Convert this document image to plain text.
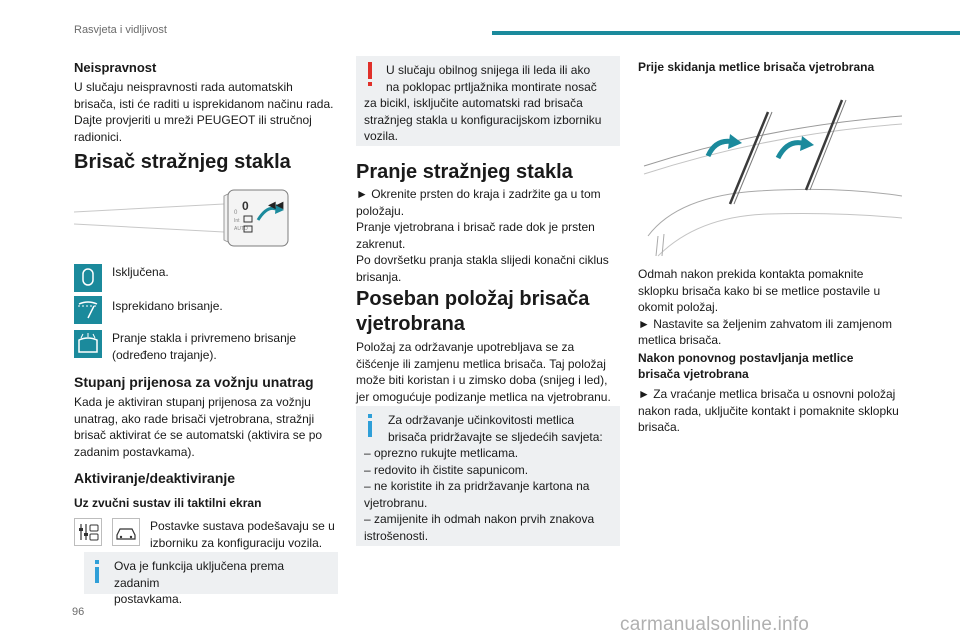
Rasvjeta i vidljivost
96
carmanualsonline.info
Neispravnost
U slučaju neispravnosti rada automatskih
brisača, isti će raditi u isprekidanom načinu rada.
Dajte provjeriti u mreži PEUGEOT ili stručnoj
radionici.
Brisač stražnjeg stakla
0
Int
AUTO
0 ◀◀
Isključena.
Isprekidano brisanje.
Pranje stakla i privremeno brisanje
(određeno trajanje).
Stupanj prijenosa za vožnju unatrag
Kada je aktiviran stupanj prijenosa za vožnju
unatrag, ako rade brisači vjetrobrana, stražnji
brisač aktivirat će se automatski (aktivira se po
zadanim postavkama).
Aktiviranje/deaktiviranje
Uz zvučni sustav ili taktilni ekran
Postavke sustava podešavaju se u
izborniku za konfiguraciju vozila.
Ova je funkcija uključena prema zadanim
postavkama.
U slučaju obilnog snijega ili leda ili ako
na poklopac prtljažnika montirate nosač
za bicikl, isključite automatski rad brisača
stražnjeg stakla u konfiguracijskom izborniku
vozila.
Pranje stražnjeg stakla
► Okrenite prsten do kraja i zadržite ga u tom
položaju.
Pranje vjetrobrana i brisač rade dok je prsten
zakrenut.
Po dovršetku pranja stakla slijedi konačni ciklus
brisanja.
Poseban položaj brisača
vjetrobrana
Položaj za održavanje upotrebljava se za
čišćenje ili zamjenu metlica brisača. Taj položaj
može biti koristan i u zimsko doba (snijeg i led),
jer omogućuje podizanje metlica na vjetrobranu.
Za održavanje učinkovitosti metlica
brisača pridržavajte se sljedećih savjeta:
– oprezno rukujte metlicama.
– redovito ih čistite sapunicom.
– ne koristite ih za pridržavanje kartona na
vjetrobranu.
– zamijenite ih odmah nakon prvih znakova
istrošenosti.
Prije skidanja metlice brisača vjetrobrana
Odmah nakon prekida kontakta pomaknite
sklopku brisača kako bi se metlice postavile u
okomit položaj.
► Nastavite sa željenim zahvatom ili zamjenom
metlica brisača.
Nakon ponovnog postavljanja metlice
brisača vjetrobrana
► Za vraćanje metlica brisača u osnovni položaj
nakon rada, uključite kontakt i pomaknite sklopku
brisača.
